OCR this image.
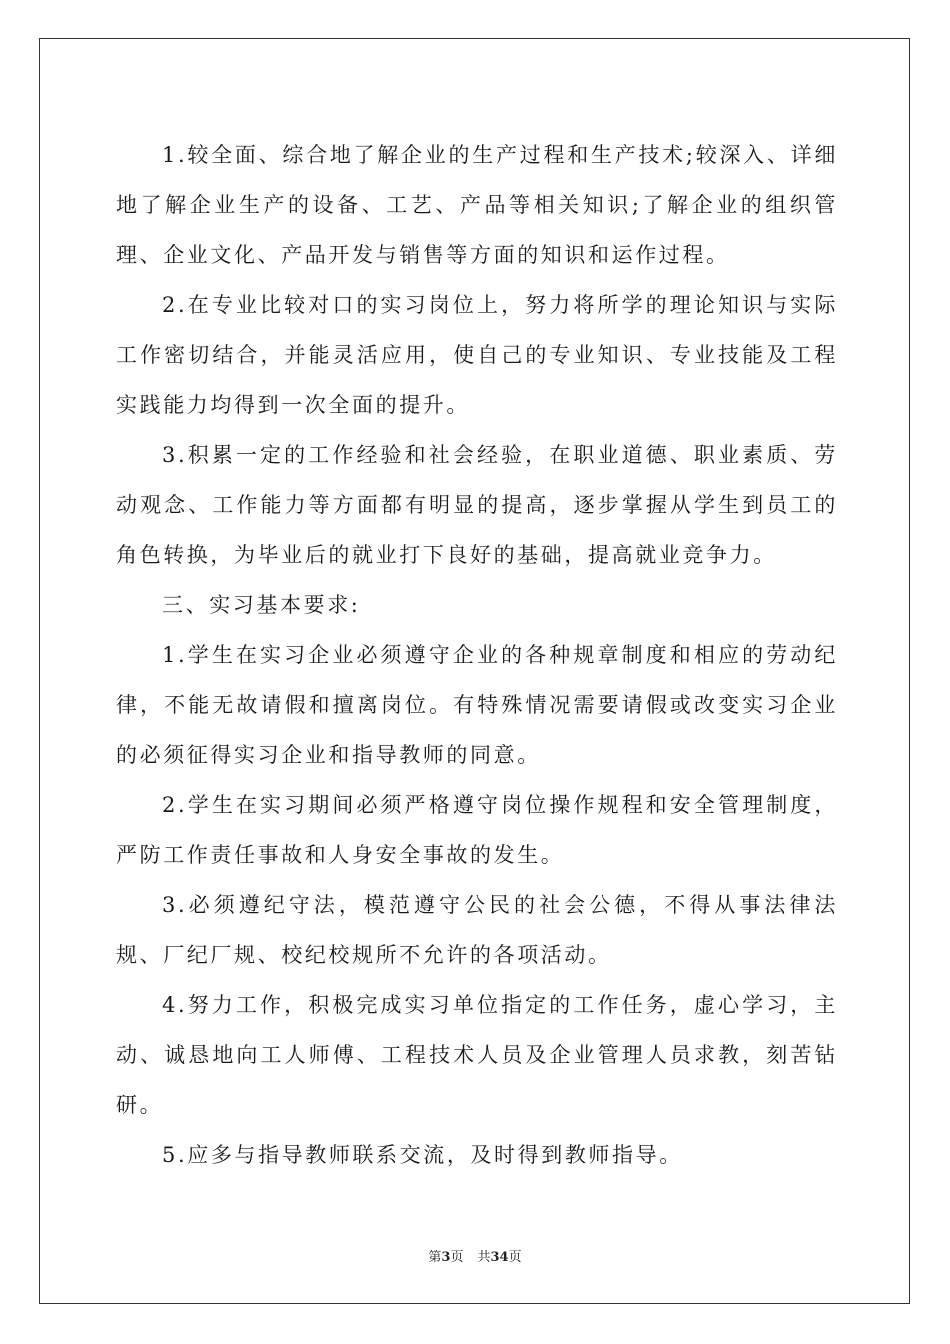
1.较全面、综合地了解企业的生产过程和生产技术;较深入、详细地了解企业生产的设备、工艺、产品等相关知识;了解企业的组织管理、企业文化、产品开发与销售等方面的知识和运作过程。

2.在专业比较对口的实习岗位上，努力将所学的理论知识与实际工作密切结合，并能灵活应用，使自己的专业知识、专业技能及工程实践能力均得到一次全面的提升。

3.积累一定的工作经验和社会经验，在职业道德、职业素质、劳动观念、工作能力等方面都有明显的提高，逐步掌握从学生到员工的角色转换，为毕业后的就业打下良好的基础，提高就业竞争力。

三、实习基本要求:

1.学生在实习企业必须遵守企业的各种规章制度和相应的劳动纪律，不能无故请假和擅离岗位。有特殊情况需要请假或改变实习企业的必须征得实习企业和指导教师的同意。

2.学生在实习期间必须严格遵守岗位操作规程和安全管理制度，严防工作责任事故和人身安全事故的发生。

3.必须遵纪守法，模范遵守公民的社会公德，不得从事法律法规、厂纪厂规、校纪校规所不允许的各项活动。

4.努力工作，积极完成实习单位指定的工作任务，虚心学习，主动、诚恳地向工人师傅、工程技术人员及企业管理人员求教，刻苦钻研。

5.应多与指导教师联系交流，及时得到教师指导。

第3页 共34页
